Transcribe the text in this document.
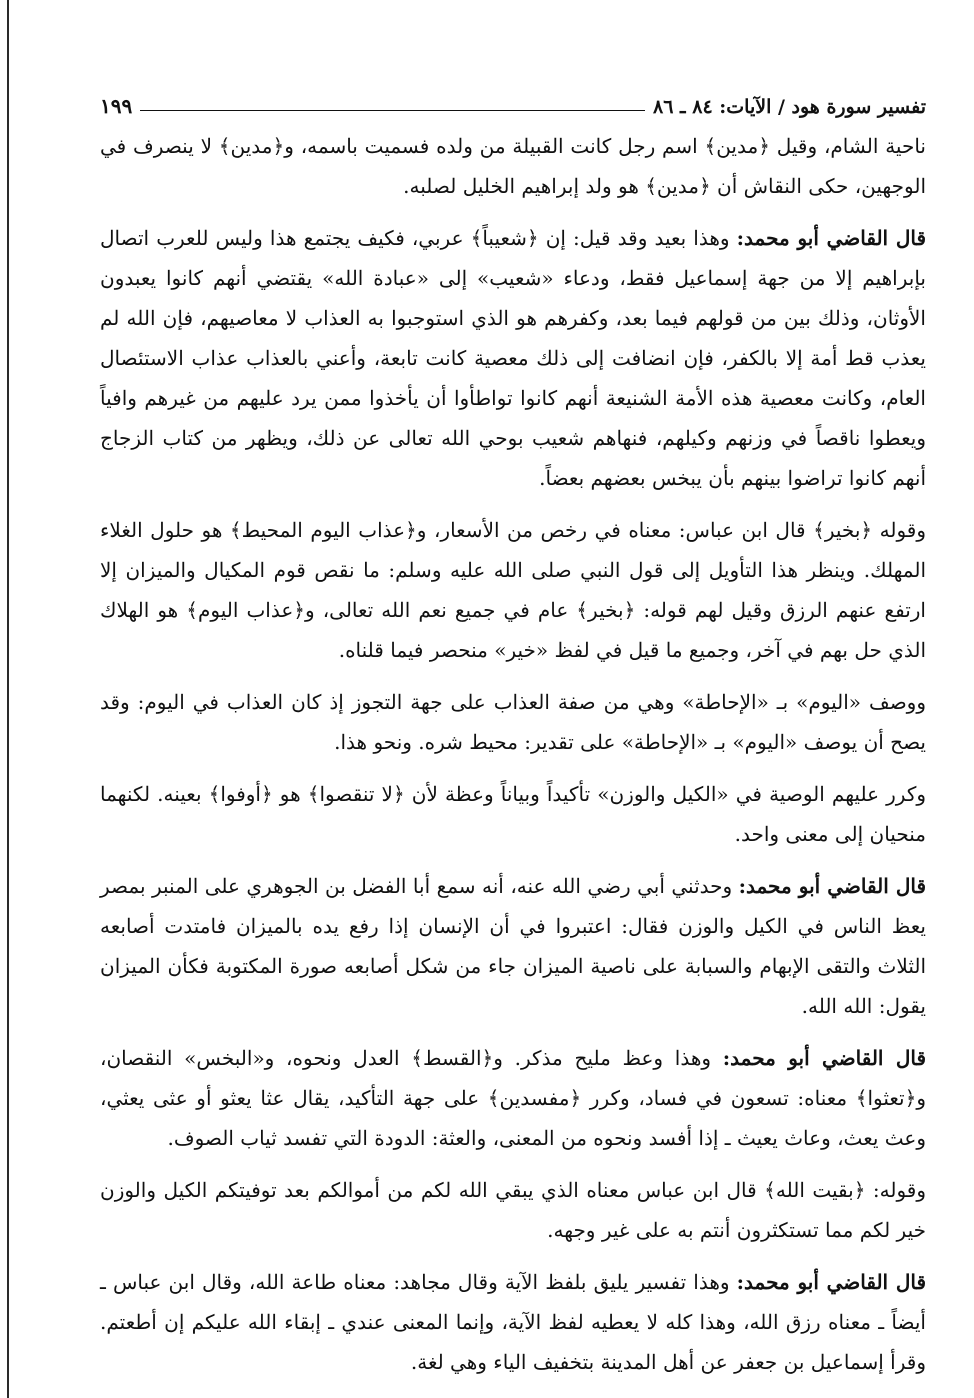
تفسير سورة هود / الآيات: ٨٤ ـ ٨٦
١٩٩

ناحية الشام، وقيل ﴿مدين﴾ اسم رجل كانت القبيلة من ولده فسميت باسمه، و﴿مدين﴾ لا ينصرف في الوجهين، حكى النقاش أن ﴿مدين﴾ هو ولد إبراهيم الخليل لصلبه.

قال القاضي أبو محمد: وهذا بعيد وقد قيل: إن ﴿شعيباً﴾ عربي، فكيف يجتمع هذا وليس للعرب اتصال بإبراهيم إلا من جهة إسماعيل فقط، ودعاء «شعيب» إلى «عبادة الله» يقتضي أنهم كانوا يعبدون الأوثان، وذلك بين من قولهم فيما بعد، وكفرهم هو الذي استوجبوا به العذاب لا معاصيهم، فإن الله لم يعذب قط أمة إلا بالكفر، فإن انضافت إلى ذلك معصية كانت تابعة، وأعني بالعذاب عذاب الاستئصال العام، وكانت معصية هذه الأمة الشنيعة أنهم كانوا تواطأوا أن يأخذوا ممن يرد عليهم من غيرهم وافياً ويعطوا ناقصاً في وزنهم وكيلهم، فنهاهم شعيب بوحي الله تعالى عن ذلك، ويظهر من كتاب الزجاج أنهم كانوا تراضوا بينهم بأن يبخس بعضهم بعضاً.

وقوله ﴿بخير﴾ قال ابن عباس: معناه في رخص من الأسعار، و﴿عذاب اليوم المحيط﴾ هو حلول الغلاء المهلك. وينظر هذا التأويل إلى قول النبي صلى الله عليه وسلم: ما نقص قوم المكيال والميزان إلا ارتفع عنهم الرزق وقيل لهم قوله: ﴿بخير﴾ عام في جميع نعم الله تعالى، و﴿عذاب اليوم﴾ هو الهلاك الذي حل بهم في آخر، وجميع ما قيل في لفظ «خير» منحصر فيما قلناه.

ووصف «اليوم» بـ «الإحاطة» وهي من صفة العذاب على جهة التجوز إذ كان العذاب في اليوم: وقد يصح أن يوصف «اليوم» بـ «الإحاطة» على تقدير: محيط شره. ونحو هذا.

وكرر عليهم الوصية في «الكيل والوزن» تأكيداً وبياناً وعظة لأن ﴿لا تنقصوا﴾ هو ﴿أوفوا﴾ بعينه. لكنهما منحيان إلى معنى واحد.

قال القاضي أبو محمد: وحدثني أبي رضي الله عنه، أنه سمع أبا الفضل بن الجوهري على المنبر بمصر يعظ الناس في الكيل والوزن فقال: اعتبروا في أن الإنسان إذا رفع يده بالميزان فامتدت أصابعه الثلاث والتقى الإبهام والسبابة على ناصية الميزان جاء من شكل أصابعه صورة المكتوبة فكأن الميزان يقول: الله الله.

قال القاضي أبو محمد: وهذا وعظ مليح مذكر. و﴿القسط﴾ العدل ونحوه، و«البخس» النقصان، و﴿تعثوا﴾ معناه: تسعون في فساد، وكرر ﴿مفسدين﴾ على جهة التأكيد، يقال عثا يعثو أو عثى يعثي، وعث يعث، وعاث يعيث ـ إذا أفسد ونحوه من المعنى، والعثة: الدودة التي تفسد ثياب الصوف.

وقوله: ﴿بقيت الله﴾ قال ابن عباس معناه الذي يبقي الله لكم من أموالكم بعد توفيتكم الكيل والوزن خير لكم مما تستكثرون أنتم به على غير وجهه.

قال القاضي أبو محمد: وهذا تفسير يليق بلفظ الآية وقال مجاهد: معناه طاعة الله، وقال ابن عباس ـ أيضاً ـ معناه رزق الله، وهذا كله لا يعطيه لفظ الآية، وإنما المعنى عندي ـ إبقاء الله عليكم إن أطعتم. وقرأ إسماعيل بن جعفر عن أهل المدينة بتخفيف الياء وهي لغة.
